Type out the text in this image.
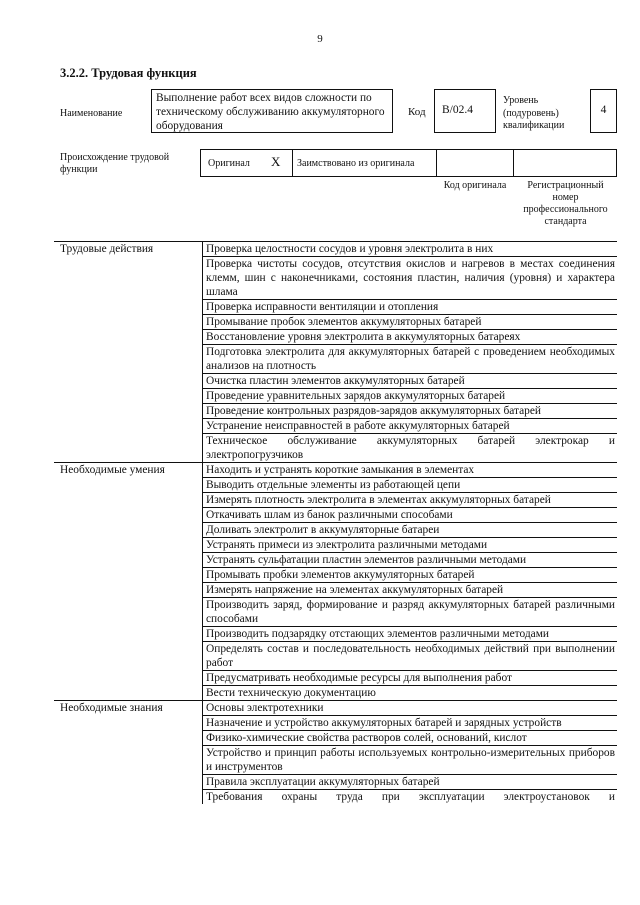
9
3.2.2. Трудовая функция
Наименование
Выполнение работ всех видов сложности по техническому обслуживанию аккумуляторного оборудования
Код	B/02.4
Уровень (подуровень) квалификации
4
Происхождение трудовой функции
Оригинал X Заимствовано из оригинала
Код оригинала	Регистрационный номер профессионального стандарта
Трудовые действия	Проверка целостности сосудов и уровня электролита в них
	Проверка чистоты сосудов, отсутствия окислов и нагревов в местах соединения клемм, шин с наконечниками, состояния пластин, наличия (уровня) и характера шлама
	Проверка исправности вентиляции и отопления
	Промывание пробок элементов аккумуляторных батарей
	Восстановление уровня электролита в аккумуляторных батареях
	Подготовка электролита для аккумуляторных батарей с проведением необходимых анализов на плотность
	Очистка пластин элементов аккумуляторных батарей
	Проведение уравнительных зарядов аккумуляторных батарей
	Проведение контрольных разрядов-зарядов аккумуляторных батарей
	Устранение неисправностей в работе аккумуляторных батарей
	Техническое обслуживание аккумуляторных батарей электрокар и электропогрузчиков
Необходимые умения	Находить и устранять короткие замыкания в элементах
	Выводить отдельные элементы из работающей цепи
	Измерять плотность электролита в элементах аккумуляторных батарей
	Откачивать шлам из банок различными способами
	Доливать электролит в аккумуляторные батареи
	Устранять примеси из электролита различными методами
	Устранять сульфатации пластин элементов различными методами
	Промывать пробки элементов аккумуляторных батарей
	Измерять напряжение на элементах аккумуляторных батарей
	Производить заряд, формирование и разряд аккумуляторных батарей различными способами
	Производить подзарядку отстающих элементов различными методами
	Определять состав и последовательность необходимых действий при выполнении работ
	Предусматривать необходимые ресурсы для выполнения работ
	Вести техническую документацию
Необходимые знания	Основы электротехники
	Назначение и устройство аккумуляторных батарей и зарядных устройств
	Физико-химические свойства растворов солей, оснований, кислот
	Устройство и принцип работы используемых контрольно-измерительных приборов и инструментов
	Правила эксплуатации аккумуляторных батарей

	Требования охраны труда при эксплуатации электроустановок и
